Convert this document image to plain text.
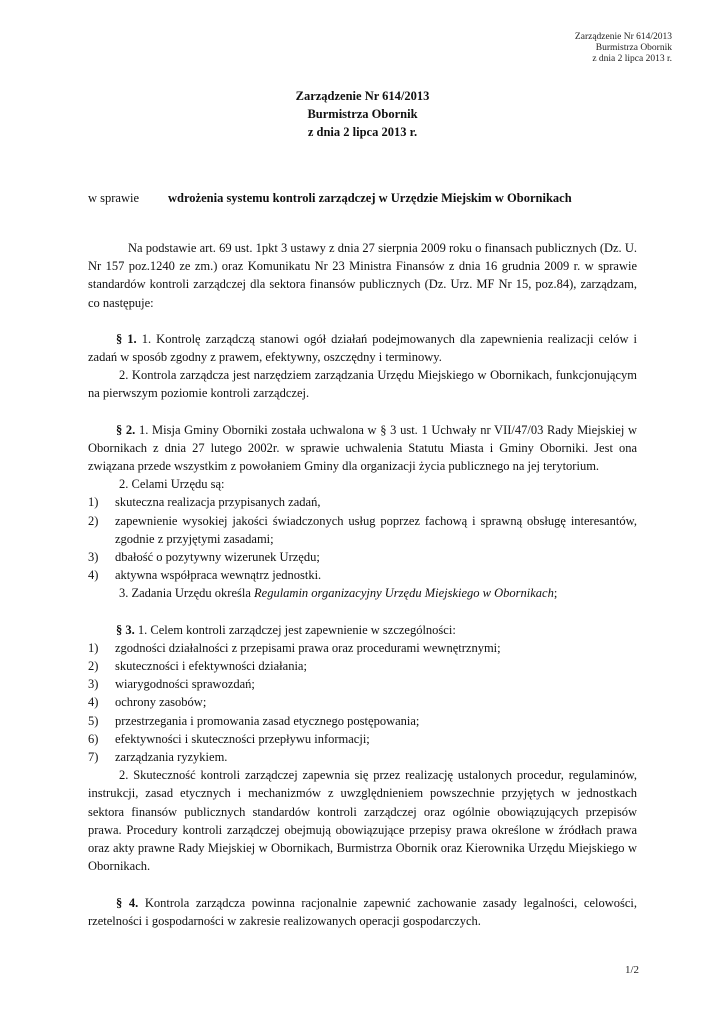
Zarządzenie Nr 614/2013
Burmistrza Obornik
z dnia 2 lipca 2013 r.
Zarządzenie Nr 614/2013
Burmistrza Obornik
z dnia 2 lipca 2013 r.
w sprawie wdrożenia systemu kontroli zarządczej w Urzędzie Miejskim w Obornikach

Na podstawie art. 69 ust. 1pkt 3 ustawy z dnia 27 sierpnia 2009 roku o finansach publicznych (Dz. U. Nr 157 poz.1240 ze zm.) oraz Komunikatu Nr 23 Ministra Finansów z dnia 16 grudnia 2009 r. w sprawie standardów kontroli zarządczej dla sektora finansów publicznych (Dz. Urz. MF Nr 15, poz.84), zarządzam, co następuje:

§ 1. 1. Kontrolę zarządczą stanowi ogół działań podejmowanych dla zapewnienia realizacji celów i zadań w sposób zgodny z prawem, efektywny, oszczędny i terminowy.

2. Kontrola zarządcza jest narzędziem zarządzania Urzędu Miejskiego w Obornikach, funkcjonującym na pierwszym poziomie kontroli zarządczej.

§ 2. 1. Misja Gminy Oborniki została uchwalona w § 3 ust. 1 Uchwały nr VII/47/03 Rady Miejskiej w Obornikach z dnia 27 lutego 2002r. w sprawie uchwalenia Statutu Miasta i Gminy Oborniki. Jest ona związana przede wszystkim z powołaniem Gminy dla organizacji życia publicznego na jej terytorium.

2. Celami Urzędu są:

1) skuteczna realizacja przypisanych zadań,

2) zapewnienie wysokiej jakości świadczonych usług poprzez fachową i sprawną obsługę interesantów, zgodnie z przyjętymi zasadami;

3) dbałość o pozytywny wizerunek Urzędu;

4) aktywna współpraca wewnątrz jednostki.

3. Zadania Urzędu określa Regulamin organizacyjny Urzędu Miejskiego w Obornikach;

§ 3. 1. Celem kontroli zarządczej jest zapewnienie w szczególności:

1) zgodności działalności z przepisami prawa oraz procedurami wewnętrznymi;

2) skuteczności i efektywności działania;

3) wiarygodności sprawozdań;

4) ochrony zasobów;

5) przestrzegania i promowania zasad etycznego postępowania;

6) efektywności i skuteczności przepływu informacji;

7) zarządzania ryzykiem.

2. Skuteczność kontroli zarządczej zapewnia się przez realizację ustalonych procedur, regulaminów, instrukcji, zasad etycznych i mechanizmów z uwzględnieniem powszechnie przyjętych w jednostkach sektora finansów publicznych standardów kontroli zarządczej oraz ogólnie obowiązujących przepisów prawa. Procedury kontroli zarządczej obejmują obowiązujące przepisy prawa określone w źródłach prawa oraz akty prawne Rady Miejskiej w Obornikach, Burmistrza Obornik oraz Kierownika Urzędu Miejskiego w Obornikach.

§ 4. Kontrola zarządcza powinna racjonalnie zapewnić zachowanie zasady legalności, celowości, rzetelności i gospodarności w zakresie realizowanych operacji gospodarczych.

1/2
